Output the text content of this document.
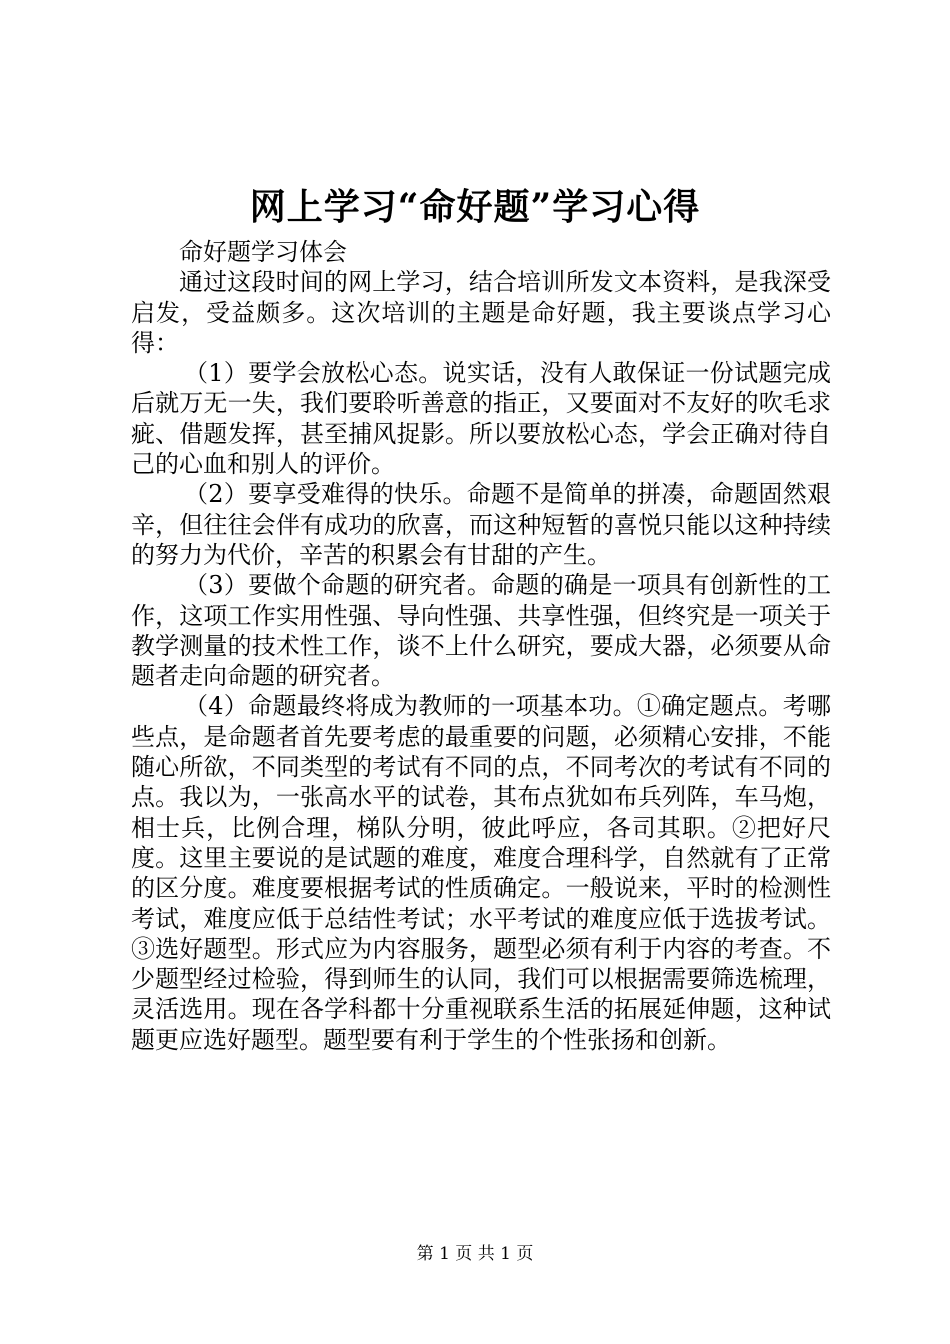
网上学习“命好题”学习心得

命好题学习体会

通过这段时间的网上学习，结合培训所发文本资料，是我深受启发，受益颇多。这次培训的主题是命好题，我主要谈点学习心得：

（1）要学会放松心态。说实话，没有人敢保证一份试题完成后就万无一失，我们要聆听善意的指正，又要面对不友好的吹毛求疵、借题发挥，甚至捕风捉影。所以要放松心态，学会正确对待自己的心血和别人的评价。

（2）要享受难得的快乐。命题不是简单的拼凑，命题固然艰辛，但往往会伴有成功的欣喜，而这种短暂的喜悦只能以这种持续的努力为代价，辛苦的积累会有甘甜的产生。

（3）要做个命题的研究者。命题的确是一项具有创新性的工作，这项工作实用性强、导向性强、共享性强，但终究是一项关于教学测量的技术性工作，谈不上什么研究，要成大器，必须要从命题者走向命题的研究者。

（4）命题最终将成为教师的一项基本功。①确定题点。考哪些点，是命题者首先要考虑的最重要的问题，必须精心安排，不能随心所欲，不同类型的考试有不同的点，不同考次的考试有不同的点。我以为，一张高水平的试卷，其布点犹如布兵列阵，车马炮，相士兵，比例合理，梯队分明，彼此呼应，各司其职。②把好尺度。这里主要说的是试题的难度，难度合理科学，自然就有了正常的区分度。难度要根据考试的性质确定。一般说来，平时的检测性考试，难度应低于总结性考试；水平考试的难度应低于选拔考试。③选好题型。形式应为内容服务，题型必须有利于内容的考查。不少题型经过检验，得到师生的认同，我们可以根据需要筛选梳理，灵活选用。现在各学科都十分重视联系生活的拓展延伸题，这种试题更应选好题型。题型要有利于学生的个性张扬和创新。

第 1 页 共 1 页
